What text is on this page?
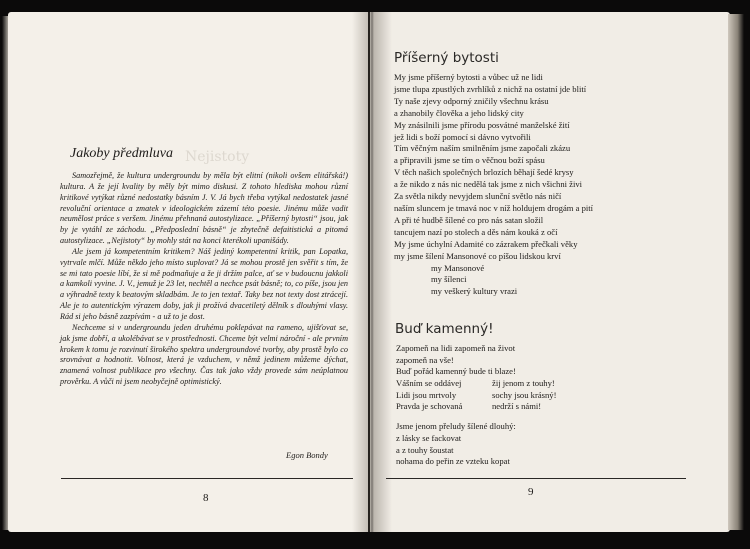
Nejistoty
Jakoby předmluva

Samozřejmě, že kultura undergroundu by měla být elitní (nikoli ovšem elitářská!) kultura. A že její kvality by měly být mimo diskusi. Z tohoto hlediska mohou různí kritikové vytýkat různé nedostatky básním J. V. Já bych třeba vytýkal nedostatek jasné revoluční orientace a zmatek v ideologickém zázemí této poesie. Jinému může vadit neumělost práce s veršem. Jinému přehnaná autostylizace. „Příšerný bytosti“ jsou, jak by je vytáhl ze záchodu. „Předposlední básně“ je zbytečně defaitistická a pitomá autostylizace. „Nejistoty“ by mohly stát na konci kterékoli upanišády.

Ale jsem já kompetentním kritikem? Náš jediný kompetentní kritik, pan Lopatka, vytrvale mlčí. Může někdo jeho místo suplovat? Já se mohou prostě jen svěřit s tím, že se mi tato poesie líbí, že si mě podmaňuje a že ji držím palce, ať se v budoucnu jakkoli a kamkoli vyvine. J. V., jemuž je 23 let, nechtěl a nechce psát básně; to, co píše, jsou jen a výhradně texty k beatovým skladbám. Je to jen textař. Taky bez not texty dost ztrácejí. Ale je to autentickým výrazem doby, jak ji prožívá dvacetiletý dělník s dlouhými vlasy. Rád si jeho básně zazpívám - a už to je dost.

Nechceme si v undergroundu jeden druhému poklepávat na rameno, ujišťovat se, jak jsme dobří, a ukolébávat se v prostřednosti. Chceme být velmi nároční - ale prvním krokem k tomu je rozvinutí širokého spektra undergroundové tvorby, aby prostě bylo co srovnávat a hodnotit. Volnost, která je vzduchem, v němž jedinem můžeme dýchat, znamená volnost publikace pro všechny. Čas tak jako vždy provede sám neúplatnou prověrku. A vůči ni jsem neobyčejně optimistický.

Egon Bondy
8
Příšerný bytosti
My jsme příšerný bytosti a vůbec už ne lidi
jsme tlupa zpustlých zvrhlíků z nichž na ostatní jde blití
Ty naše zjevy odporný zničily všechnu krásu
a zhanobily člověka a jeho lidský city
My znásilnili jsme přírodu posvátné manželské žití
jež lidi s boží pomocí si dávno vytvořili
Tím věčným naším smilněním jsme započali zkázu
a připravili jsme se tím o věčnou boží spásu
V těch našich společných brlozích běhají šedé krysy
a že nikdo z nás nic nedělá tak jsme z nich všichni živi
Za světla nikdy nevyjdem slunční světlo nás ničí
naším sluncem je tmavá noc v níž holdujem drogám a pití
A při té hudbě šílené co pro nás satan složil
tancujem nazí po stolech a děs nám kouká z očí
My jsme úchylní Adamité co zázrakem přečkali věky
my jsme šílení Mansonové co píšou lidskou krví
my Mansonové
my šílenci
my veškerý kultury vrazi
Buď kamenný!
Zapomeň na lidi zapomeň na život
zapomeň na vše!
Buď pořád kamenný bude ti blaze!
Vášním se oddávej	žij jenom z touhy!
Lidi jsou mrtvoly	sochy jsou krásný!
Pravda je schovaná	nedrží s námi!
Jsme jenom přeludy šílené dlouhý:
z lásky se fackovat
a z touhy šoustat
nohama do peřin ze vzteku kopat
9
